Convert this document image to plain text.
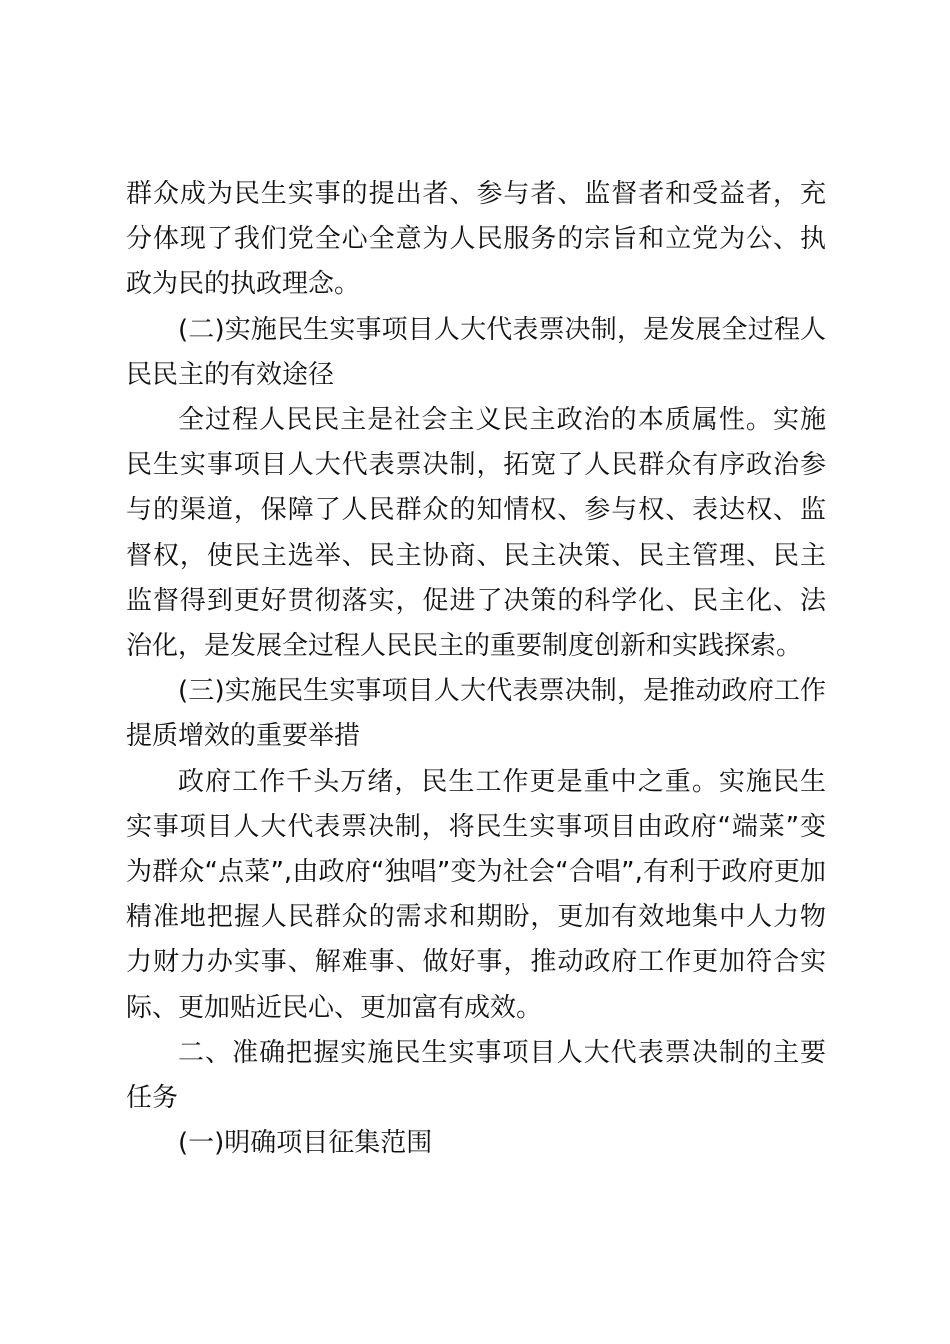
群众成为民生实事的提出者、参与者、监督者和受益者，充分体现了我们党全心全意为人民服务的宗旨和立党为公、执政为民的执政理念。

(二)实施民生实事项目人大代表票决制，是发展全过程人民民主的有效途径

全过程人民民主是社会主义民主政治的本质属性。实施民生实事项目人大代表票决制，拓宽了人民群众有序政治参与的渠道，保障了人民群众的知情权、参与权、表达权、监督权，使民主选举、民主协商、民主决策、民主管理、民主监督得到更好贯彻落实，促进了决策的科学化、民主化、法治化，是发展全过程人民民主的重要制度创新和实践探索。

(三)实施民生实事项目人大代表票决制，是推动政府工作提质增效的重要举措

政府工作千头万绪，民生工作更是重中之重。实施民生实事项目人大代表票决制，将民生实事项目由政府“端菜”变为群众“点菜”,由政府“独唱”变为社会“合唱”,有利于政府更加精准地把握人民群众的需求和期盼，更加有效地集中人力物力财力办实事、解难事、做好事，推动政府工作更加符合实际、更加贴近民心、更加富有成效。

二、准确把握实施民生实事项目人大代表票决制的主要任务

(一)明确项目征集范围
